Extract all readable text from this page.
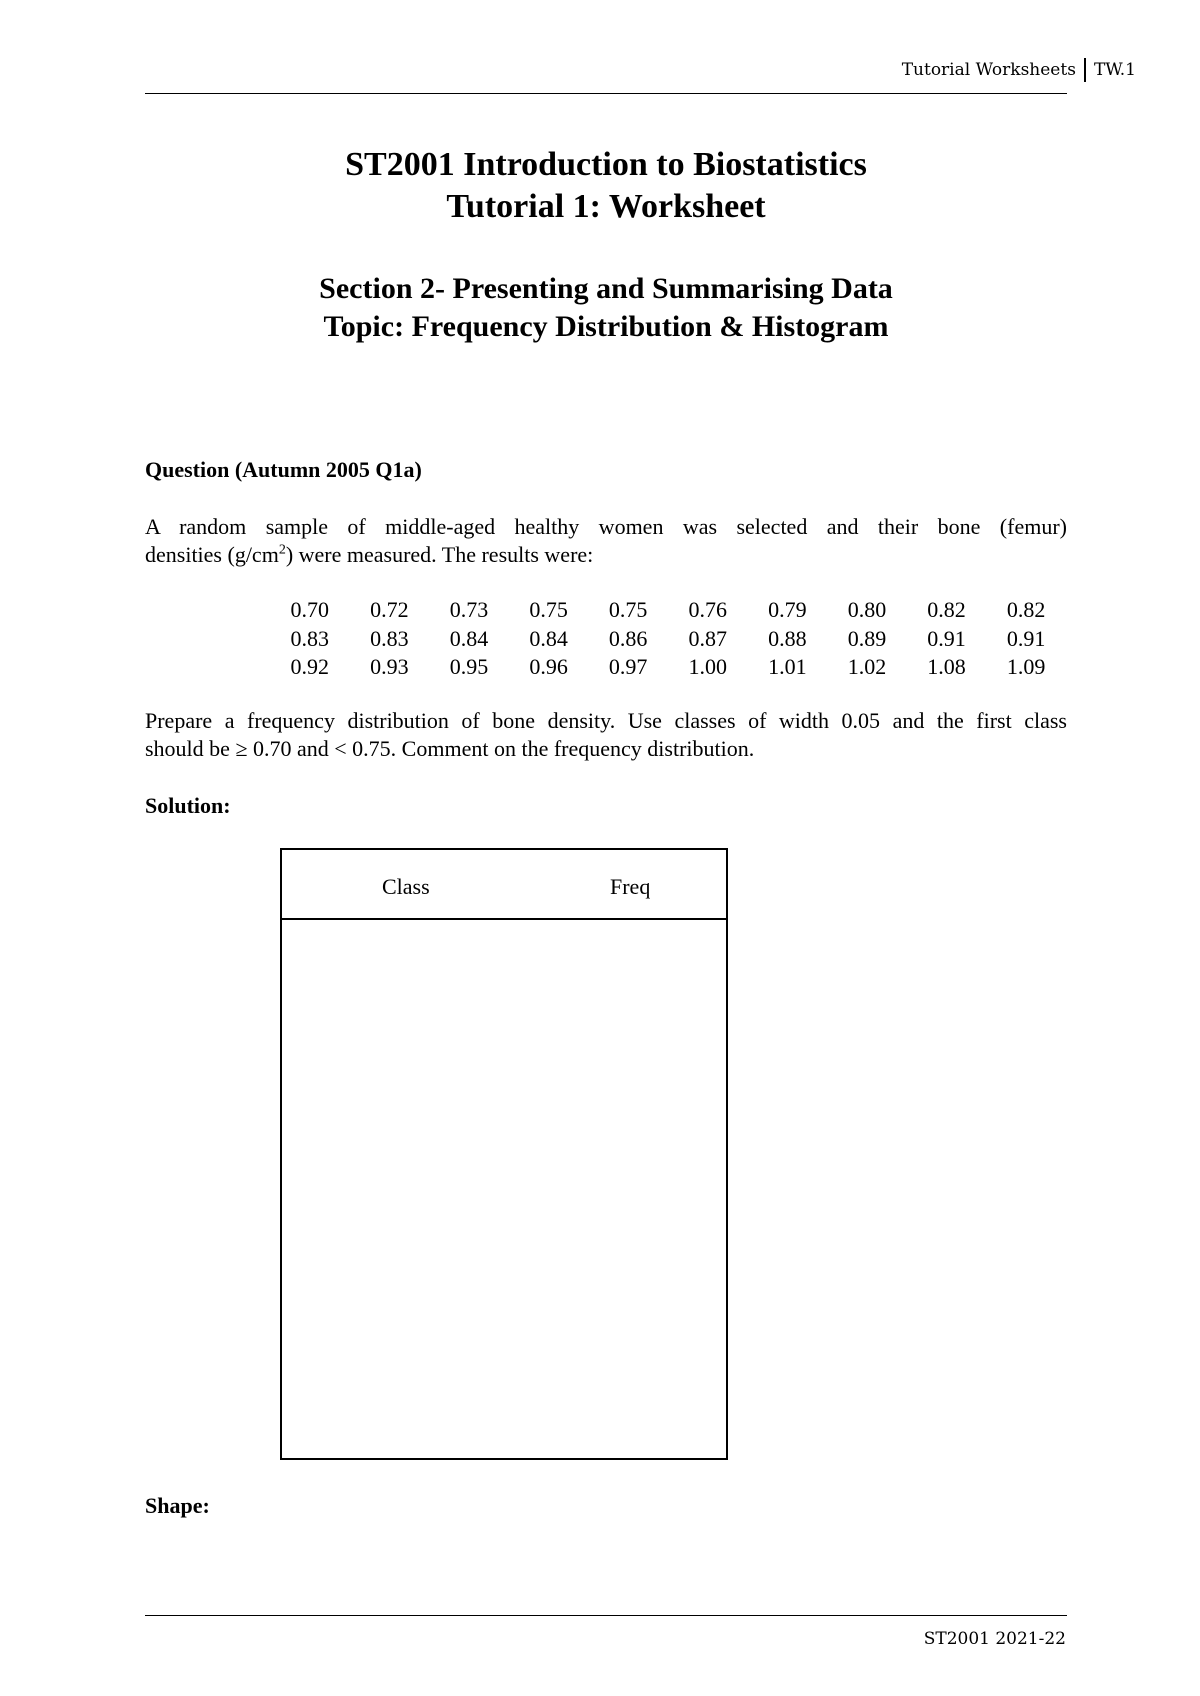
Tutorial Worksheets TW.1
ST2001 Introduction to Biostatistics
Tutorial 1: Worksheet
Section 2- Presenting and Summarising Data
Topic: Frequency Distribution & Histogram
Question (Autumn 2005 Q1a)
A random sample of middle-aged healthy women was selected and their bone (femur)
densities $(g/cm^2)$ were measured. The results were:
0.70	0.72	0.73	0.75	0.75	0.76	0.79	0.80	0.82	0.82
0.83	0.83	0.84	0.84	0.86	0.87	0.88	0.89	0.91	0.91
0.92	0.93	0.95	0.96	0.97	1.00	1.01	1.02	1.08	1.09
Prepare a frequency distribution of bone density. Use classes of width 0.05 and the first class
should be ≥ 0.70 and < 0.75. Comment on the frequency distribution.
Solution:
Class	Freq
Shape:
ST2001 2021-22
